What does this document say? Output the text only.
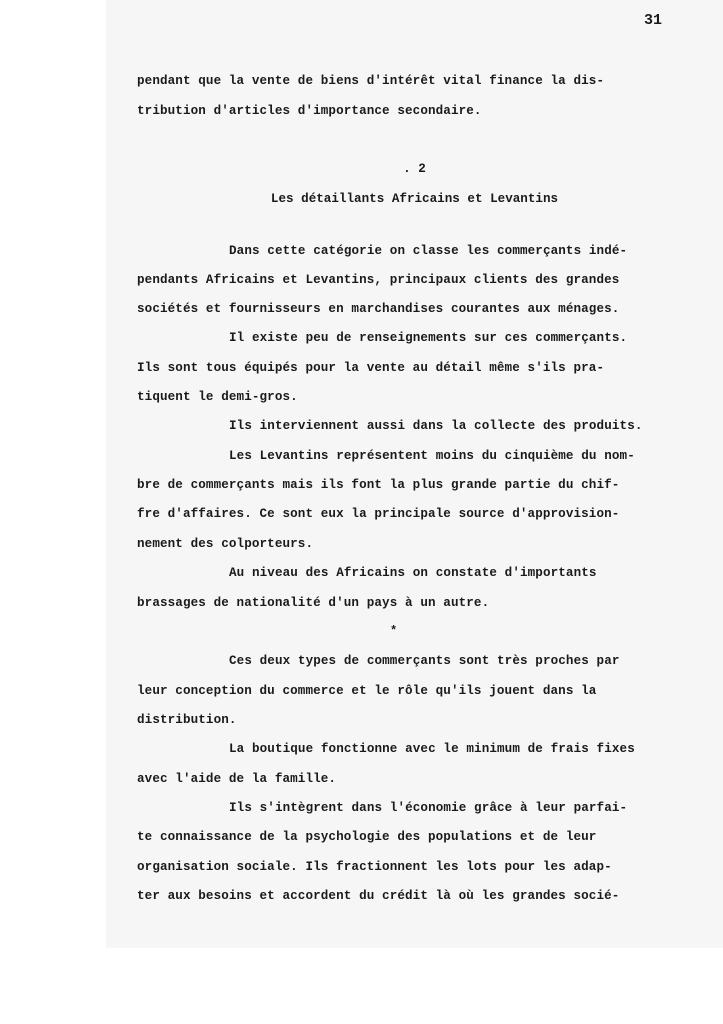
31
pendant que la vente de biens d'intérêt vital finance la dis-
tribution d'articles d'importance secondaire.
. 2
Les détaillants Africains et Levantins
Dans cette catégorie on classe les commerçants indé-
pendants Africains et Levantins, principaux clients des grandes
sociétés et fournisseurs en marchandises courantes aux ménages.
Il existe peu de renseignements sur ces commerçants.
Ils sont tous équipés pour la vente au détail même s'ils pra-
tiquent le demi-gros.
Ils interviennent aussi dans la collecte des produits.
Les Levantins représentent moins du cinquième du nom-
bre de commerçants mais ils font la plus grande partie du chif-
fre d'affaires. Ce sont eux la principale source d'approvision-
nement des colporteurs.
Au niveau des Africains on constate d'importants
brassages de nationalité d'un pays à un autre.
*
Ces deux types de commerçants sont très proches par
leur conception du commerce et le rôle qu'ils jouent dans la
distribution.
La boutique fonctionne avec le minimum de frais fixes
avec l'aide de la famille.
Ils s'intègrent dans l'économie grâce à leur parfai-
te connaissance de la psychologie des populations et de leur
organisation sociale. Ils fractionnent les lots pour les adap-
ter aux besoins et accordent du crédit là où les grandes socié-
